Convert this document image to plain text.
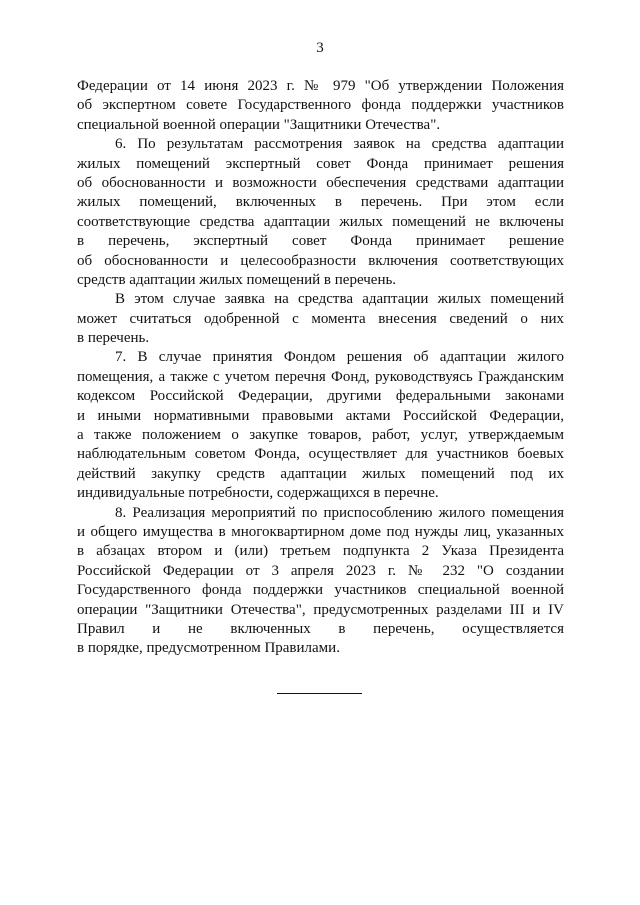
3
Федерации от 14 июня 2023 г. № 979 "Об утверждении Положения
об экспертном совете Государственного фонда поддержки участников
специальной военной операции "Защитники Отечества".
6. По результатам рассмотрения заявок на средства адаптации
жилых помещений экспертный совет Фонда принимает решения
об обоснованности и возможности обеспечения средствами адаптации
жилых помещений, включенных в перечень. При этом если
соответствующие средства адаптации жилых помещений не включены
в перечень, экспертный совет Фонда принимает решение
об обоснованности и целесообразности включения соответствующих
средств адаптации жилых помещений в перечень.
В этом случае заявка на средства адаптации жилых помещений
может считаться одобренной с момента внесения сведений о них
в перечень.
7. В случае принятия Фондом решения об адаптации жилого
помещения, а также с учетом перечня Фонд, руководствуясь Гражданским
кодексом Российской Федерации, другими федеральными законами
и иными нормативными правовыми актами Российской Федерации,
а также положением о закупке товаров, работ, услуг, утверждаемым
наблюдательным советом Фонда, осуществляет для участников боевых
действий закупку средств адаптации жилых помещений под их
индивидуальные потребности, содержащихся в перечне.
8. Реализация мероприятий по приспособлению жилого помещения
и общего имущества в многоквартирном доме под нужды лиц, указанных
в абзацах втором и (или) третьем подпункта 2 Указа Президента
Российской Федерации от 3 апреля 2023 г. № 232 "О создании
Государственного фонда поддержки участников специальной военной
операции "Защитники Отечества", предусмотренных разделами III и IV
Правил и не включенных в перечень, осуществляется
в порядке, предусмотренном Правилами.
